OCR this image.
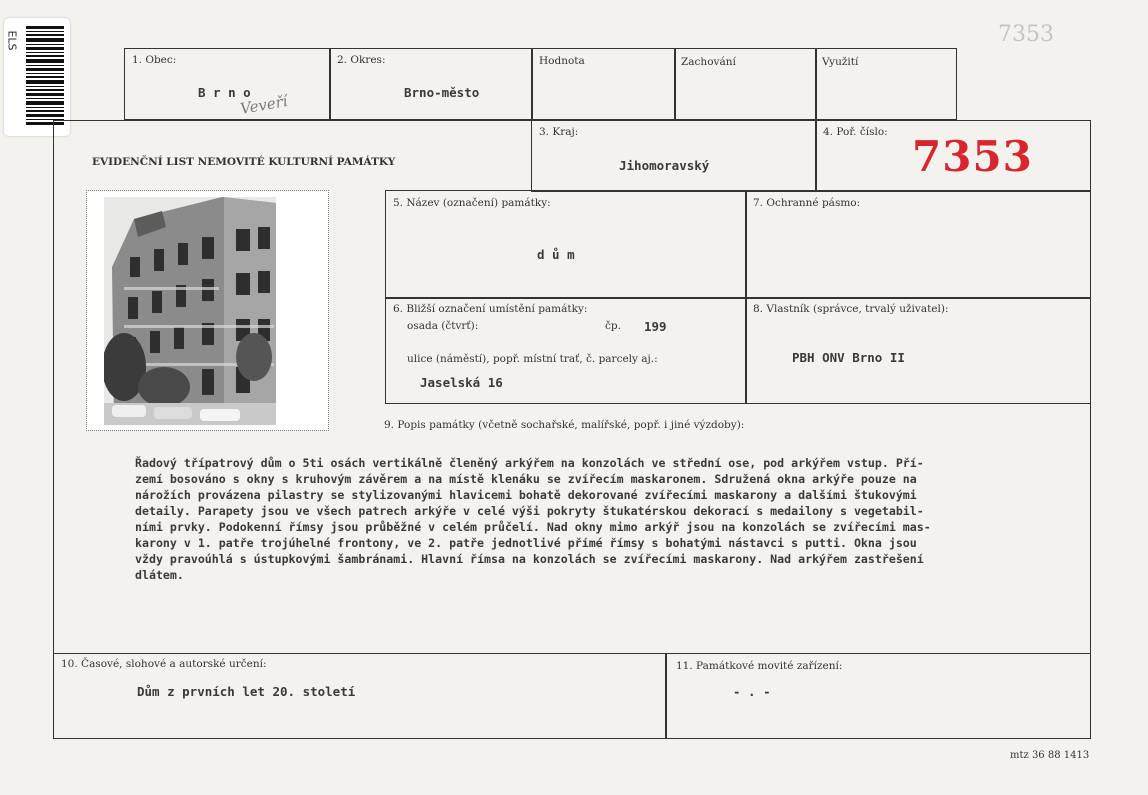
ELS	7353
1. Obec:
B r n o
Veveří
2. Okres:
Brno-město
Hodnota	Zachování	Využití
EVIDENČNÍ LIST NEMOVITÉ KULTURNÍ PAMÁTKY
3. Kraj:
Jihomoravský
4. Poř. číslo: 7353
5. Název (označení) památky:
d ů m
7. Ochranné pásmo:
6. Bližší označení umístění památky:
osada (čtvrť):	čp. 199
ulice (náměstí), popř. místní trať, č. parcely aj.:
Jaselská 16
8. Vlastník (správce, trvalý uživatel):
PBH ONV Brno II
9. Popis památky (včetně sochařské, malířské, popř. i jiné výzdoby):
Řadový třípatrový dům o 5ti osách vertikálně členěný arkýřem na konzolách ve střední ose, pod arkýřem vstup. Pří-
zemí bosováno s okny s kruhovým závěrem a na místě klenáku se zvířecím maskaronem. Sdružená okna arkýře pouze na
nárožích provázena pilastry se stylizovanými hlavicemi bohatě dekorované zvířecími maskarony a dalšími štukovými
detaily. Parapety jsou ve všech patrech arkýře v celé výši pokryty štukatérskou dekorací s medailony s vegetabil-
ními prvky. Podokenní římsy jsou průběžné v celém průčelí. Nad okny mimo arkýř jsou na konzolách se zvířecími mas-
karony v 1. patře trojúhelné frontony, ve 2. patře jednotlivé přímé římsy s bohatými nástavci s putti. Okna jsou
vždy pravoúhlá s ústupkovými šambránami. Hlavní římsa na konzolách se zvířecími maskarony. Nad arkýřem zastřešení
dlátem.
10. Časové, slohové a autorské určení:
Dům z prvních let 20. století
11. Památkové movité zařízení:
- . -
mtz 36 88 1413
